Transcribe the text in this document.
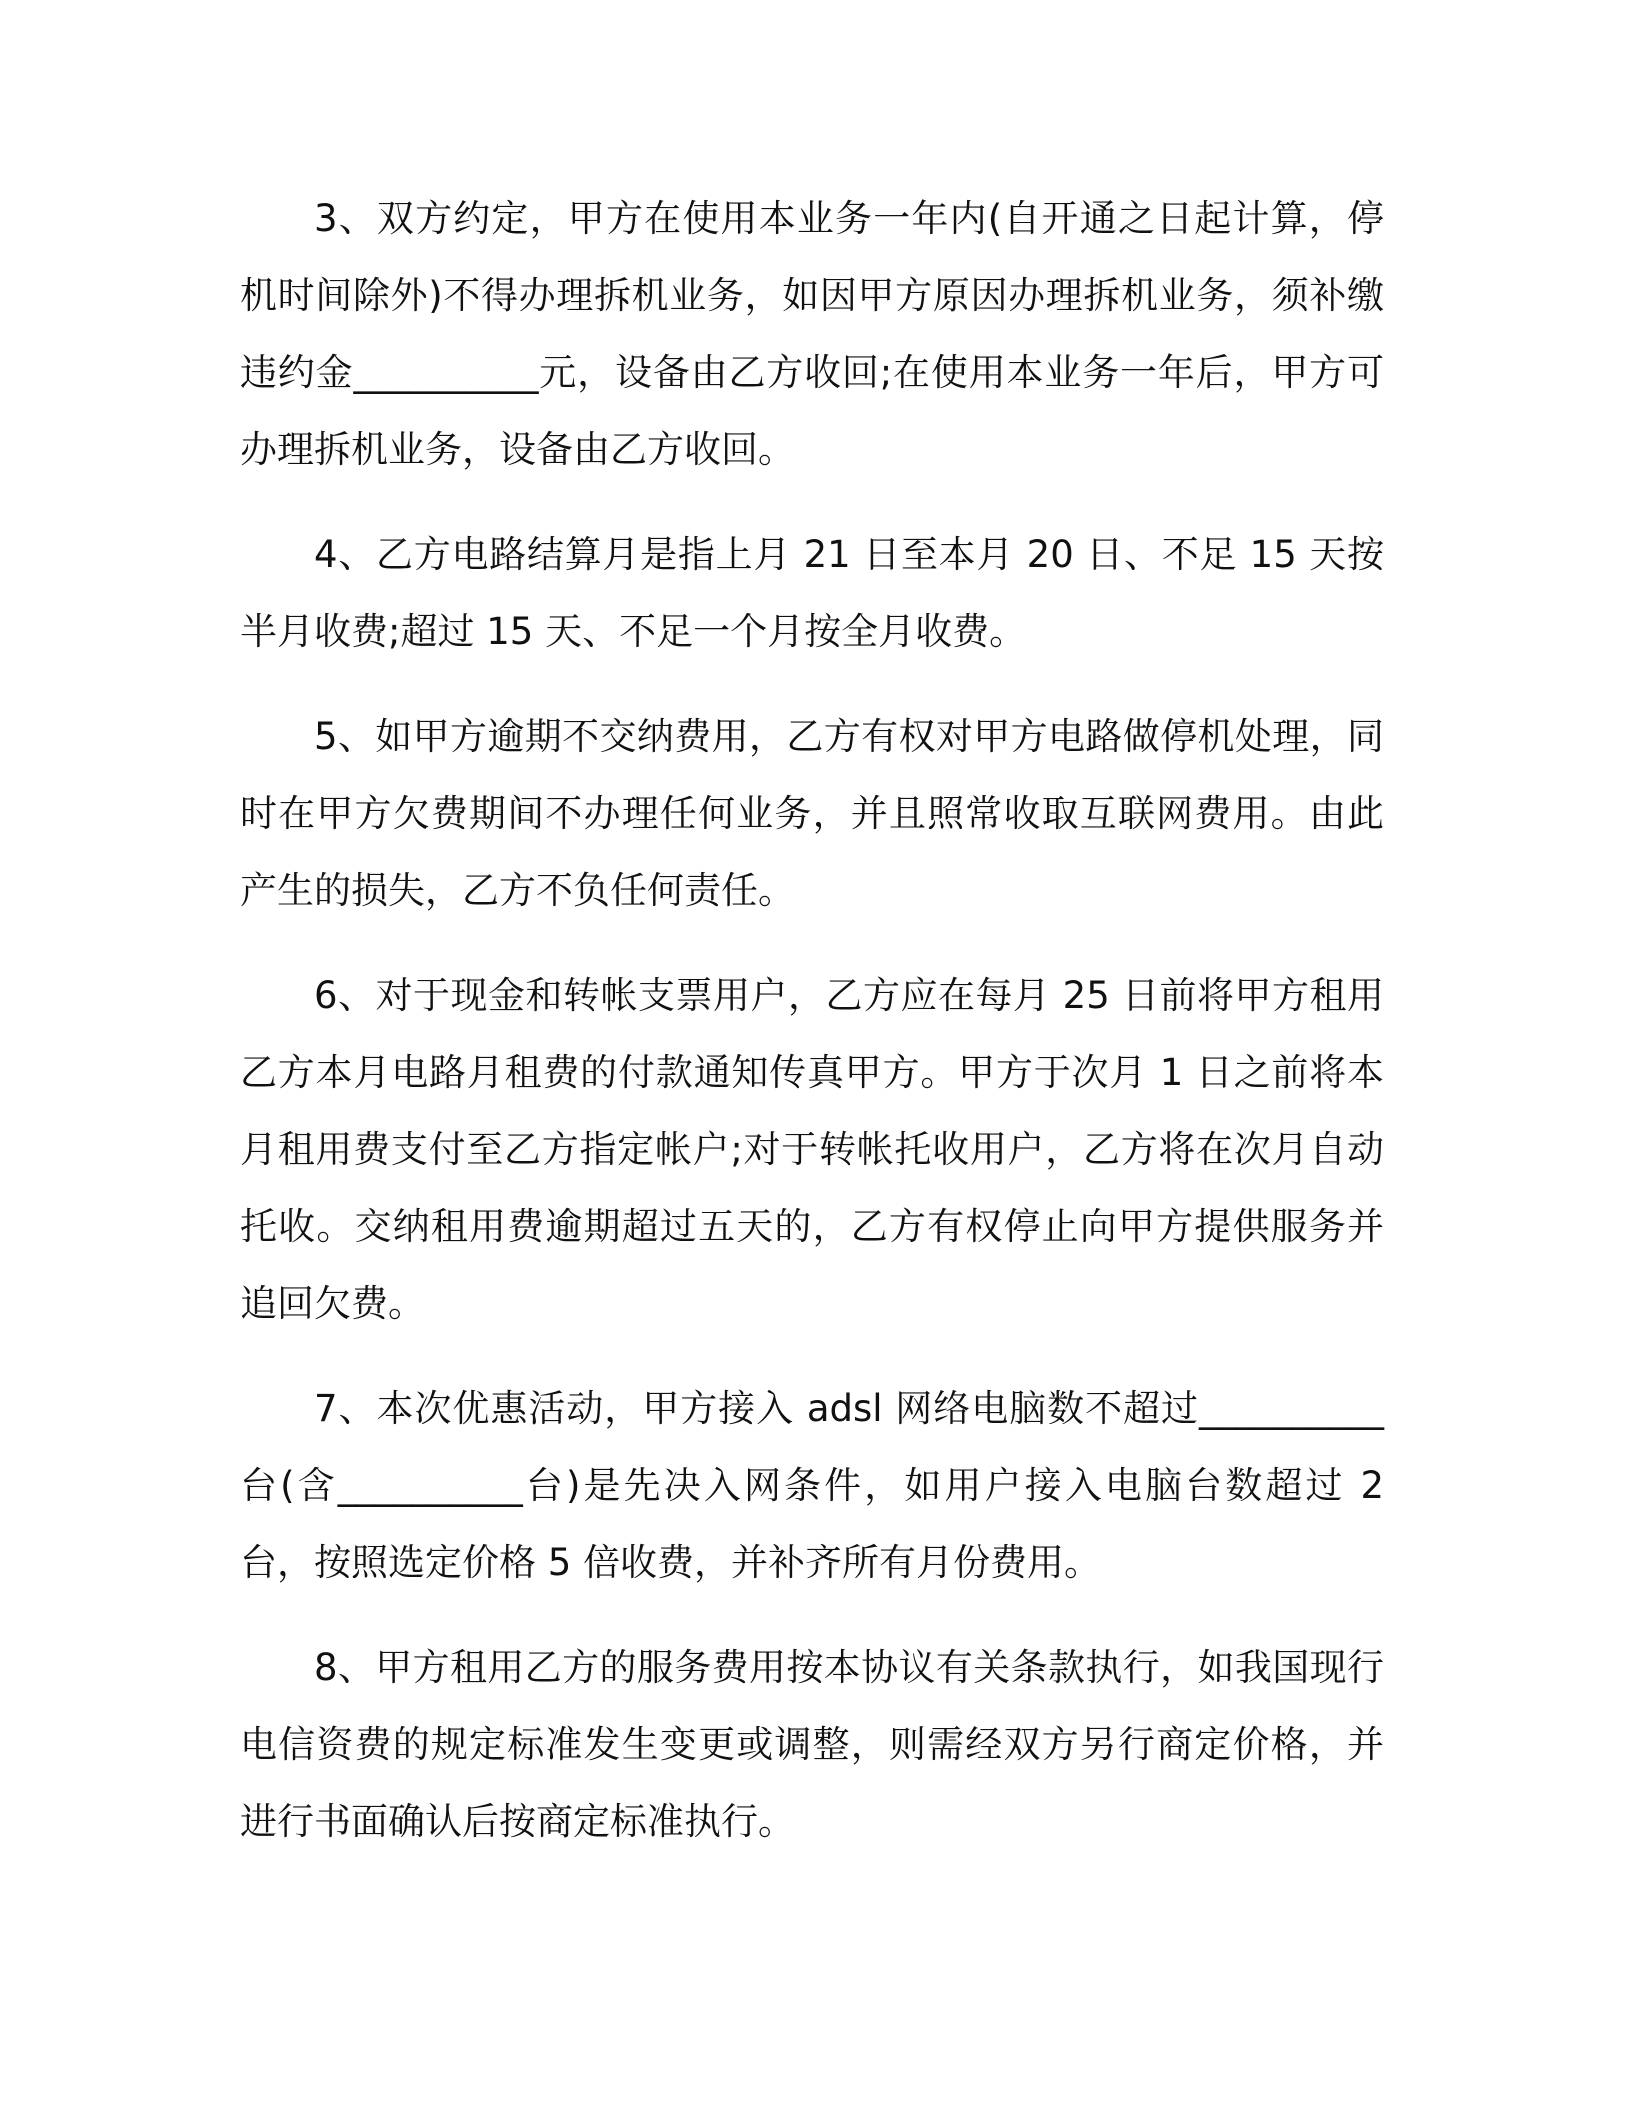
3、双方约定，甲方在使用本业务一年内(自开通之日起计算，停机时间除外)不得办理拆机业务，如因甲方原因办理拆机业务，须补缴违约金__________元，设备由乙方收回;在使用本业务一年后，甲方可办理拆机业务，设备由乙方收回。

4、乙方电路结算月是指上月 21 日至本月 20 日、不足 15 天按半月收费;超过 15 天、不足一个月按全月收费。

5、如甲方逾期不交纳费用，乙方有权对甲方电路做停机处理，同时在甲方欠费期间不办理任何业务，并且照常收取互联网费用。由此产生的损失，乙方不负任何责任。

6、对于现金和转帐支票用户，乙方应在每月 25 日前将甲方租用乙方本月电路月租费的付款通知传真甲方。甲方于次月 1 日之前将本月租用费支付至乙方指定帐户;对于转帐托收用户，乙方将在次月自动托收。交纳租用费逾期超过五天的，乙方有权停止向甲方提供服务并追回欠费。

7、本次优惠活动，甲方接入 adsl 网络电脑数不超过__________台(含__________台)是先决入网条件，如用户接入电脑台数超过 2 台，按照选定价格 5 倍收费，并补齐所有月份费用。

8、甲方租用乙方的服务费用按本协议有关条款执行，如我国现行电信资费的规定标准发生变更或调整，则需经双方另行商定价格，并进行书面确认后按商定标准执行。
